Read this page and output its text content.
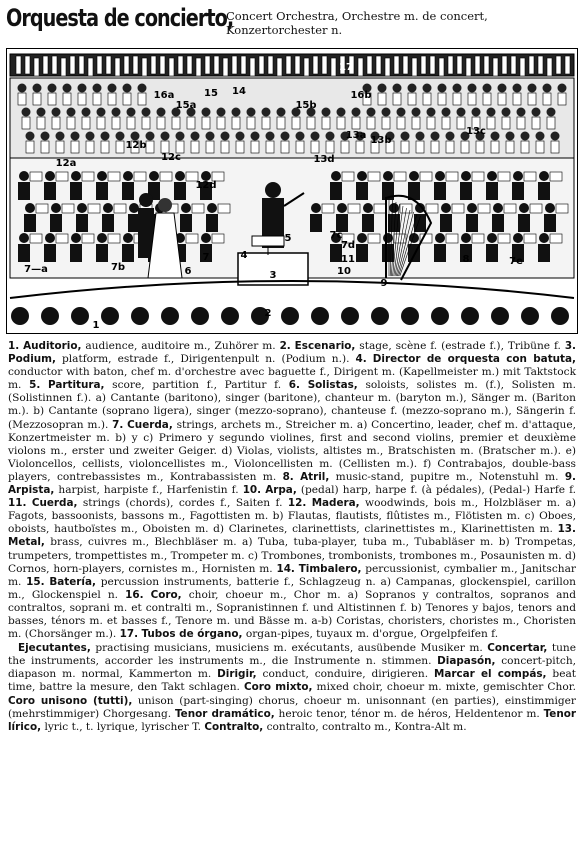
Orquesta de concierto,
Concert Orchestra, Orchestre m. de concert, Konzertorchester n.
1
2
3
4
5
6
7
7—a	7b
7c
7d
7e
8
9
10
11
12a
12b
12c
12d
13a 13b
13c
13d
14
15
15a	15b
16a	16b
17

1. Auditorio, audience, auditoire m., Zuhörer m. 2. Escenario, stage, scène f. (estrade f.), Tribüne f. 3. Podium, platform, estrade f., Dirigentenpult n. (Podium n.). 4. Director de orquesta con batuta, conductor with baton, chef m. d'orchestre avec baguette f., Dirigent m. (Kapellmeister m.) mit Taktstock m. 5. Partitura, score, partition f., Partitur f. 6. Solistas, soloists, solistes m. (f.), Solisten m. (Solistinnen f.). a) Cantante (baritono), singer (baritone), chanteur m. (baryton m.), Sänger m. (Bariton m.). b) Cantante (soprano ligera), singer (mezzo-soprano), chanteuse f. (mezzo-soprano m.), Sängerin f. (Mezzosopran m.). 7. Cuerda, strings, archets m., Streicher m. a) Concertino, leader, chef m. d'attaque, Konzertmeister m. b) y c) Primero y segundo violines, first and second violins, premier et deuxième violons m., erster und zweiter Geiger. d) Violas, violists, altistes m., Bratschisten m. (Bratscher m.). e) Violoncellos, cellists, violoncellistes m., Violoncellisten m. (Cellisten m.). f) Contrabajos, double-bass players, contrebassistes m., Kontrabassisten m. 8. Atril, music-stand, pupitre m., Notenstuhl m. 9. Arpista, harpist, harpiste f., Harfenistin f. 10. Arpa, (pedal) harp, harpe f. (à pédales), (Pedal-) Harfe f. 11. Cuerda, strings (chords), cordes f., Saiten f. 12. Madera, woodwinds, bois m., Holzbläser m. a) Fagots, bassoonists, bassons m., Fagottisten m. b) Flautas, flautists, flûtistes m., Flötisten m. c) Oboes, oboists, hautboïstes m., Oboisten m. d) Clarinetes, clarinettists, clarinettistes m., Klarinettisten m. 13. Metal, brass, cuivres m., Blechbläser m. a) Tuba, tuba-player, tuba m., Tubabläser m. b) Trompetas, trumpeters, trompettistes m., Trompeter m. c) Trombones, trombonists, trombones m., Posaunisten m. d) Cornos, horn-players, cornistes m., Hornisten m. 14. Timbalero, percussionist, cymbalier m., Janitschar m. 15. Batería, percussion instruments, batterie f., Schlagzeug n. a) Campanas, glockenspiel, carillon m., Glockenspiel n. 16. Coro, choir, choeur m., Chor m. a) Sopranos y contraltos, sopranos and contraltos, soprani m. et contralti m., Sopranistinnen f. und Altistinnen f. b) Tenores y bajos, tenors and basses, ténors m. et basses f., Tenore m. und Bässe m. a-b) Coristas, choristers, choristes m., Choristen m. (Chorsänger m.). 17. Tubos de órgano, organ-pipes, tuyaux m. d'orgue, Orgelpfeifen f.

Ejecutantes, practising musicians, musiciens m. exécutants, ausübende Musiker m. Concertar, tune the instruments, accorder les instruments m., die Instrumente n. stimmen. Diapasón, concert-pitch, diapason m. normal, Kammerton m. Dirigir, conduct, conduire, dirigieren. Marcar el compás, beat time, battre la mesure, den Takt schlagen. Coro mixto, mixed choir, choeur m. mixte, gemischter Chor. Coro unisono (tutti), unison (part-singing) chorus, choeur m. unisonnant (en parties), einstimmiger (mehrstimmiger) Chorgesang. Tenor dramático, heroic tenor, ténor m. de héros, Heldentenor m. Tenor lírico, lyric t., t. lyrique, lyrischer T. Contralto, contralto, contralto m., Kontra-Alt m.
